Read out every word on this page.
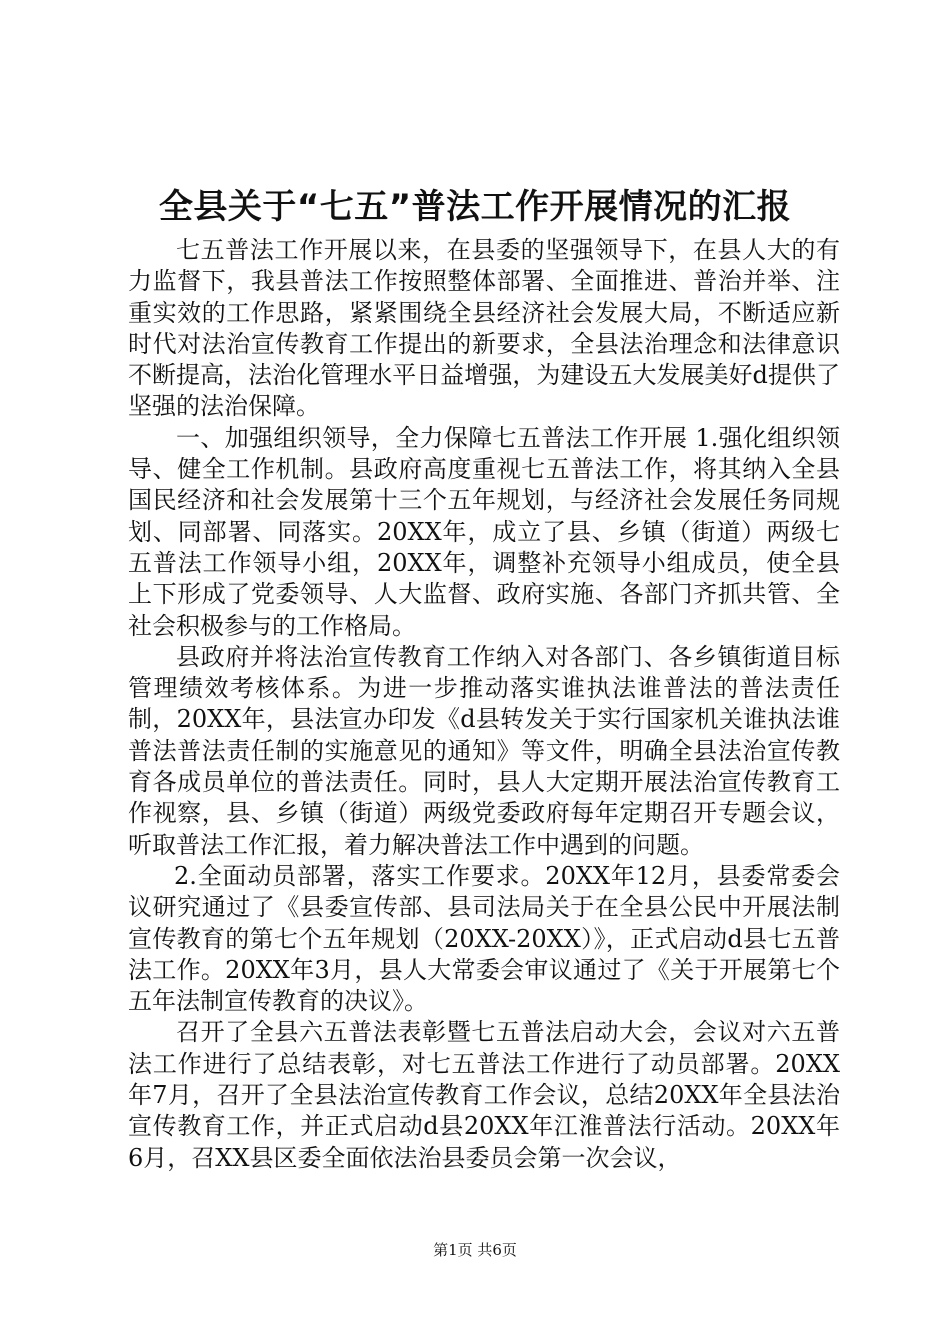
全县关于“七五”普法工作开展情况的汇报

七五普法工作开展以来，在县委的坚强领导下，在县人大的有力监督下，我县普法工作按照整体部署、全面推进、普治并举、注重实效的工作思路，紧紧围绕全县经济社会发展大局，不断适应新时代对法治宣传教育工作提出的新要求，全县法治理念和法律意识不断提高，法治化管理水平日益增强，为建设五大发展美好d提供了坚强的法治保障。

一、加强组织领导，全力保障七五普法工作开展 1.强化组织领导、健全工作机制。县政府高度重视七五普法工作，将其纳入全县国民经济和社会发展第十三个五年规划，与经济社会发展任务同规划、同部署、同落实。20XX年，成立了县、乡镇（街道）两级七五普法工作领导小组，20XX年，调整补充领导小组成员，使全县上下形成了党委领导、人大监督、政府实施、各部门齐抓共管、全社会积极参与的工作格局。

县政府并将法治宣传教育工作纳入对各部门、各乡镇街道目标管理绩效考核体系。为进一步推动落实谁执法谁普法的普法责任制，20XX年，县法宣办印发《d县转发关于实行国家机关谁执法谁普法普法责任制的实施意见的通知》等文件，明确全县法治宣传教育各成员单位的普法责任。同时，县人大定期开展法治宣传教育工作视察，县、乡镇（街道）两级党委政府每年定期召开专题会议，听取普法工作汇报，着力解决普法工作中遇到的问题。

2.全面动员部署，落实工作要求。20XX年12月，县委常委会议研究通过了《县委宣传部、县司法局关于在全县公民中开展法制宣传教育的第七个五年规划（20XX-20XX）》，正式启动d县七五普法工作。20XX年3月，县人大常委会审议通过了《关于开展第七个五年法制宣传教育的决议》。

召开了全县六五普法表彰暨七五普法启动大会，会议对六五普法工作进行了总结表彰，对七五普法工作进行了动员部署。20XX年7月，召开了全县法治宣传教育工作会议，总结20XX年全县法治宣传教育工作，并正式启动d县20XX年江淮普法行活动。20XX年6月，召XX县区委全面依法治县委员会第一次会议，

第1页 共6页
